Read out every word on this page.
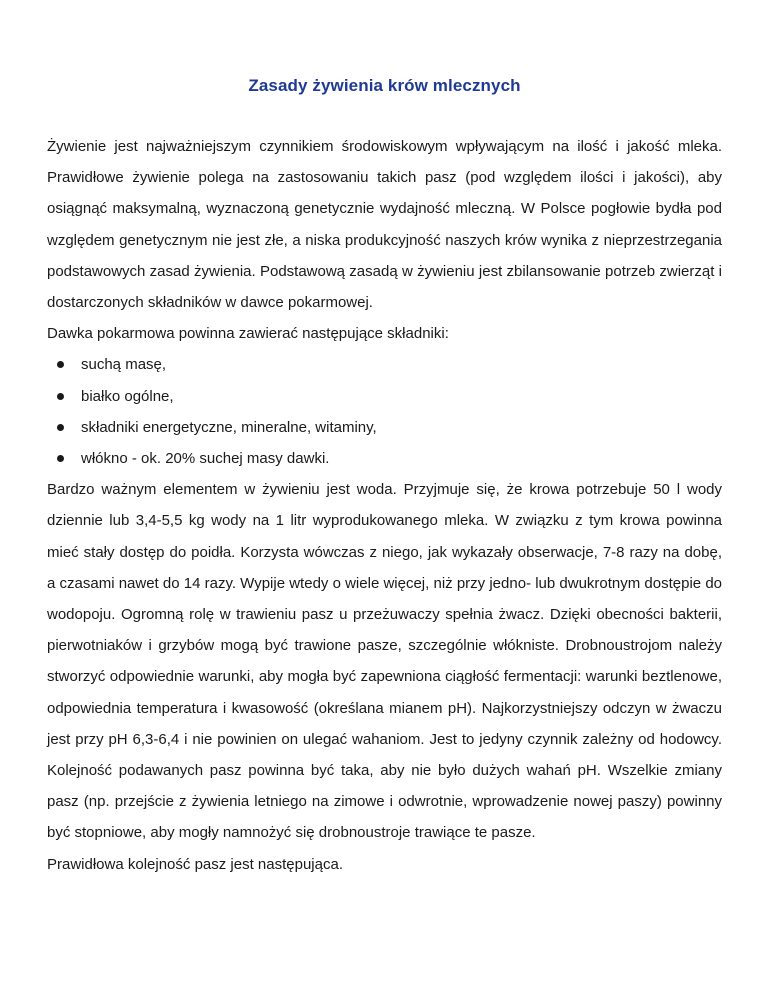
Zasady żywienia krów mlecznych

Żywienie jest najważniejszym czynnikiem środowiskowym wpływającym na ilość i jakość mleka. Prawidłowe żywienie polega na zastosowaniu takich pasz (pod względem ilości i jakości), aby osiągnąć maksymalną, wyznaczoną genetycznie wydajność mleczną. W Polsce pogłowie bydła pod względem genetycznym nie jest złe, a niska produkcyjność naszych krów wynika z nieprzestrzegania podstawowych zasad żywienia. Podstawową zasadą w żywieniu jest zbilansowanie potrzeb zwierząt i dostarczonych składników w dawce pokarmowej.

Dawka pokarmowa powinna zawierać następujące składniki:

suchą masę,
białko ogólne,
składniki energetyczne, mineralne, witaminy,
włókno - ok. 20% suchej masy dawki.

Bardzo ważnym elementem w żywieniu jest woda. Przyjmuje się, że krowa potrzebuje 50 l wody dziennie lub 3,4-5,5 kg wody na 1 litr wyprodukowanego mleka. W związku z tym krowa powinna mieć stały dostęp do poidła. Korzysta wówczas z niego, jak wykazały obserwacje, 7-8 razy na dobę, a czasami nawet do 14 razy. Wypije wtedy o wiele więcej, niż przy jedno- lub dwukrotnym dostępie do wodopoju. Ogromną rolę w trawieniu pasz u przeżuwaczy spełnia żwacz. Dzięki obecności bakterii, pierwotniaków i grzybów mogą być trawione pasze, szczególnie włókniste. Drobnoustrojom należy stworzyć odpowiednie warunki, aby mogła być zapewniona ciągłość fermentacji: warunki beztlenowe, odpowiednia temperatura i kwasowość (określana mianem pH). Najkorzystniejszy odczyn w żwaczu jest przy pH 6,3-6,4 i nie powinien on ulegać wahaniom. Jest to jedyny czynnik zależny od hodowcy. Kolejność podawanych pasz powinna być taka, aby nie było dużych wahań pH. Wszelkie zmiany pasz (np. przejście z żywienia letniego na zimowe i odwrotnie, wprowadzenie nowej paszy) powinny być stopniowe, aby mogły namnożyć się drobnoustroje trawiące te pasze.

Prawidłowa kolejność pasz jest następująca.
